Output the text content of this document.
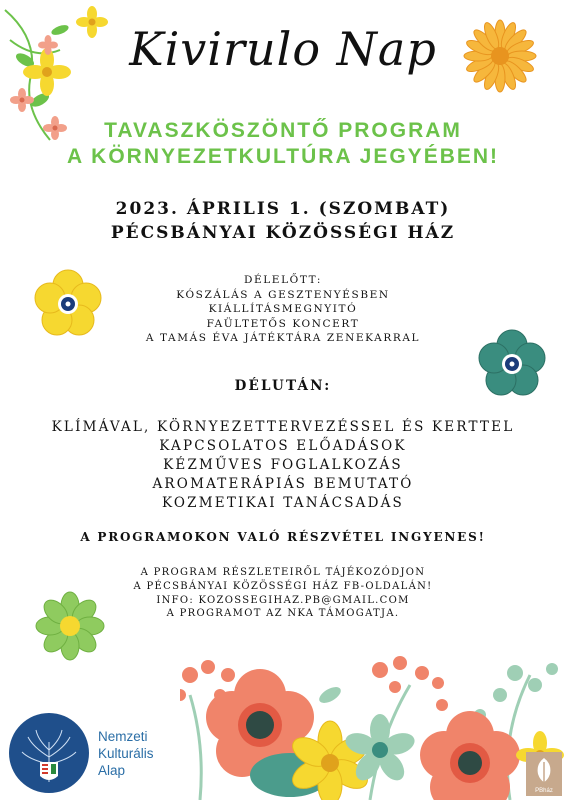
Kivirulo Nap
TAVASZKÖSZÖNTŐ PROGRAM
A KÖRNYEZETKULTÚRA JEGYÉBEN!
2023. ÁPRILIS 1. (SZOMBAT)
PÉCSBÁNYAI KÖZÖSSÉGI HÁZ
DÉLELŐTT:
KÓSZÁLÁS A GESZTENYÉSBEN
KIÁLLÍTÁSMEGNYITÓ
FAÜLTETŐS KONCERT
A TAMÁS ÉVA JÁTÉKTÁRA ZENEKARRAL
DÉLUTÁN:
KLÍMÁVAL, KÖRNYEZETTERVEZÉSSEL ÉS KERTTEL
KAPCSOLATOS ELŐADÁSOK
KÉZMŰVES FOGLALKOZÁS
AROMATERÁPIÁS BEMUTATÓ
KOZMETIKAI TANÁCSADÁS
A PROGRAMOKON VALÓ RÉSZVÉTEL INGYENES!
A PROGRAM RÉSZLETEIRŐL TÁJÉKOZÓDJON
A PÉCSBÁNYAI KÖZÖSSÉGI HÁZ FB-OLDALÁN!
INFO: KOZOSSEGIHAZ.PB@GMAIL.COM
A PROGRAMOT AZ NKA TÁMOGATJA.
Nemzeti
Kulturális
Alap
PBház
